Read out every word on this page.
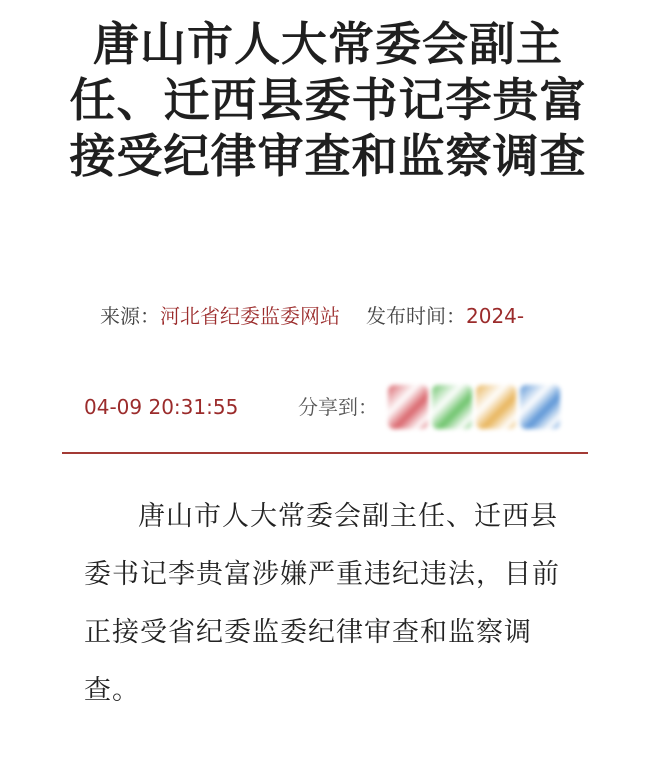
唐山市人大常委会副主任、迁西县委书记李贵富接受纪律审查和监察调查
来源：河北省纪委监委网站 发布时间：2024-
04-09 20:31:55	分享到：

唐山市人大常委会副主任、迁西县委书记李贵富涉嫌严重违纪违法，目前正接受省纪委监委纪律审查和监察调查。
